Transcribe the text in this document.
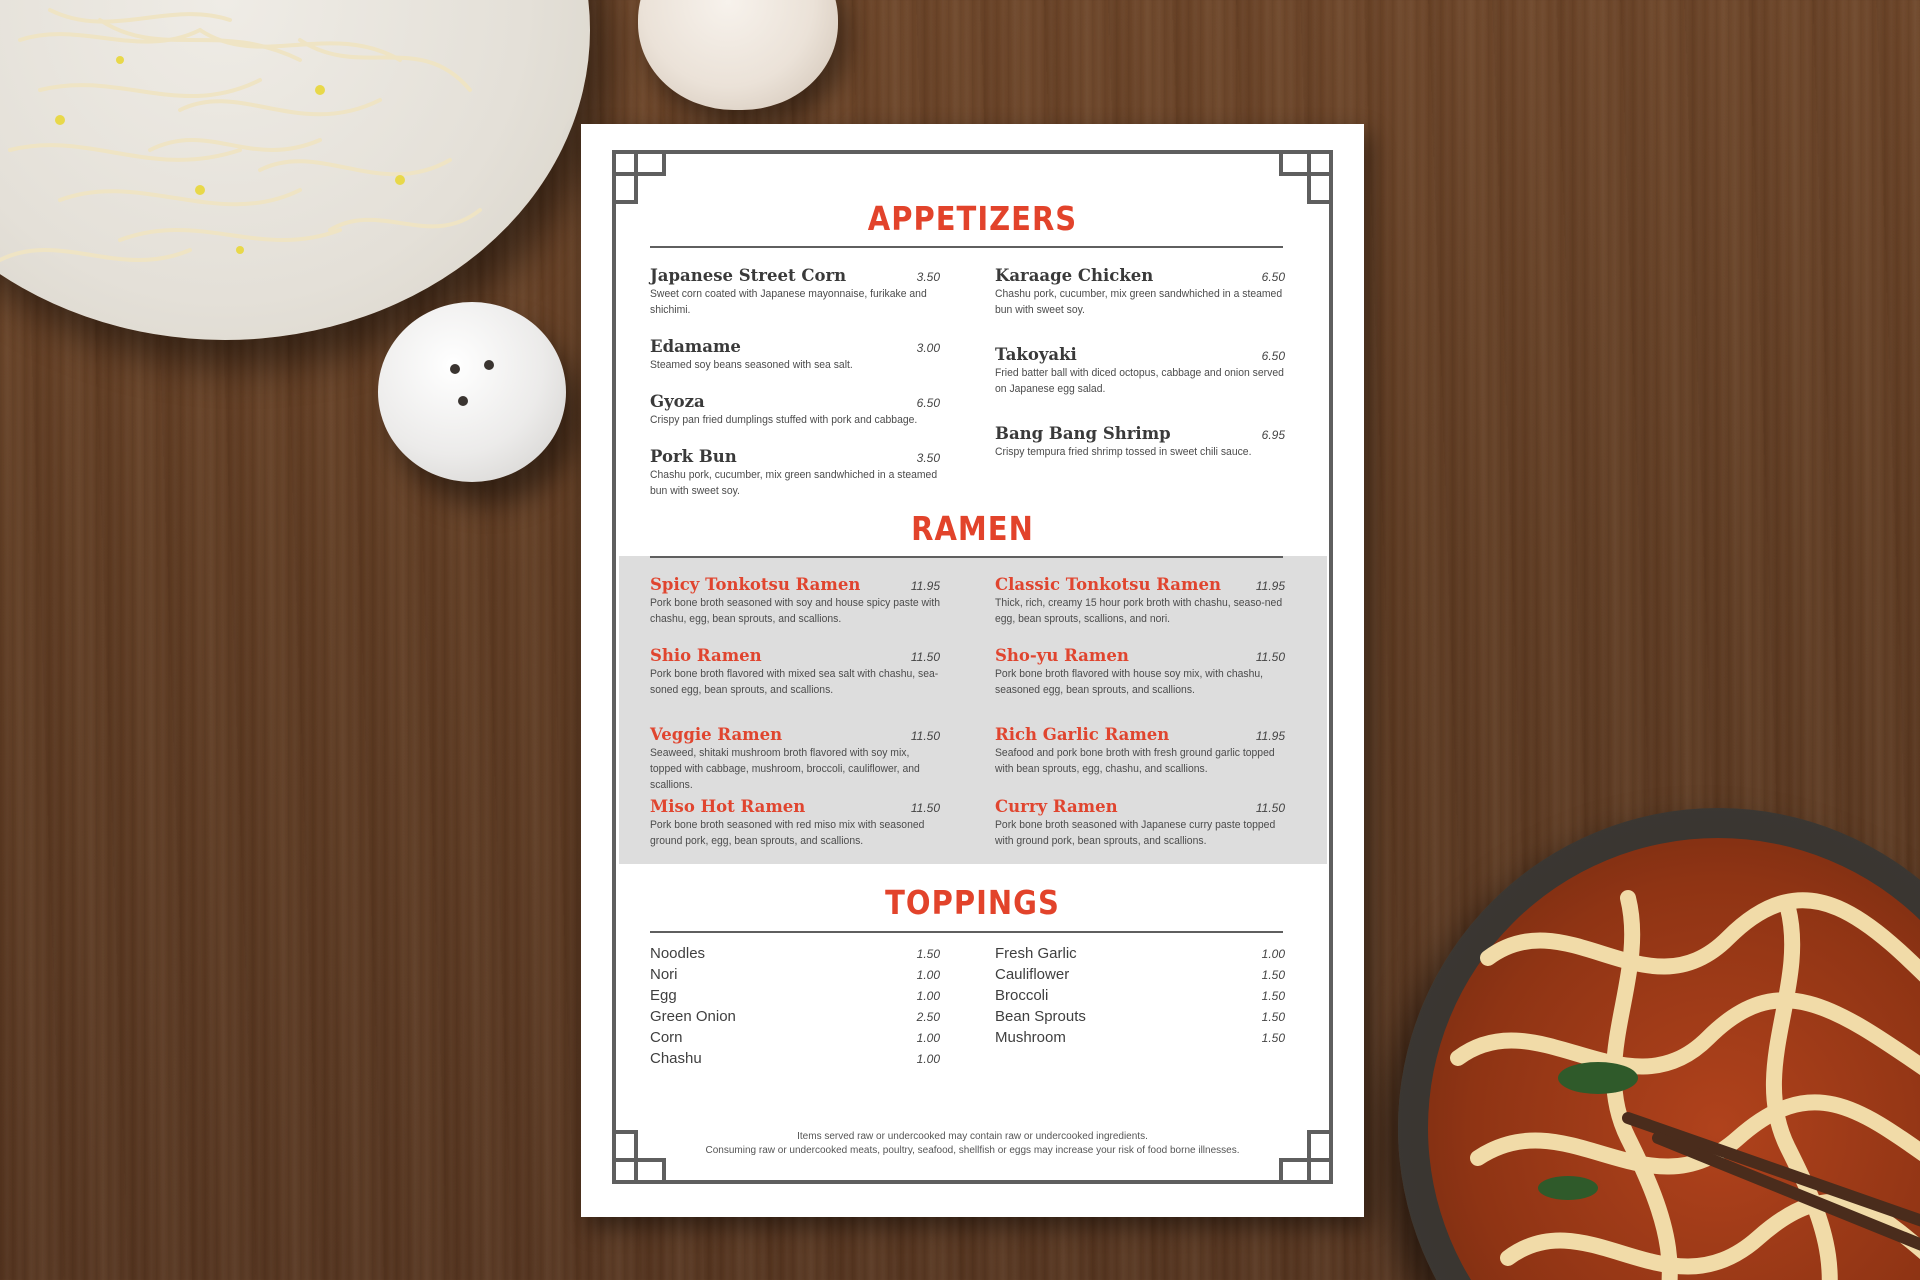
APPETIZERS
Japanese Street Corn	3.50
Sweet corn coated with Japanese mayonnaise, furikake and shichimi.
Edamame	3.00
Steamed soy beans seasoned with sea salt.
Gyoza	6.50
Crispy pan fried dumplings stuffed with pork and cabbage.
Pork Bun	3.50
Chashu pork, cucumber, mix green sandwhiched in a steamed bun with sweet soy.
Karaage Chicken	6.50
Chashu pork, cucumber, mix green sandwhiched in a steamed bun with sweet soy.
Takoyaki	6.50
Fried batter ball with diced octopus, cabbage and onion served on Japanese egg salad.
Bang Bang Shrimp	6.95
Crispy tempura fried shrimp tossed in sweet chili sauce.
RAMEN
Spicy Tonkotsu Ramen	11.95
Pork bone broth seasoned with soy and house spicy paste with chashu, egg, bean sprouts, and scallions.
Shio Ramen	11.50
Pork bone broth flavored with mixed sea salt with chashu, sea-soned egg, bean sprouts, and scallions.
Veggie Ramen	11.50
Seaweed, shitaki mushroom broth flavored with soy mix, topped with cabbage, mushroom, broccoli, cauliflower, and scallions.
Miso Hot Ramen	11.50
Pork bone broth seasoned with red miso mix with seasoned ground pork, egg, bean sprouts, and scallions.
Classic Tonkotsu Ramen	11.95
Thick, rich, creamy 15 hour pork broth with chashu, seaso-ned egg, bean sprouts, scallions, and nori.
Sho-yu Ramen	11.50
Pork bone broth flavored with house soy mix, with chashu, seasoned egg, bean sprouts, and scallions.
Rich Garlic Ramen	11.95
Seafood and pork bone broth with fresh ground garlic topped with bean sprouts, egg, chashu, and scallions.
Curry Ramen	11.50
Pork bone broth seasoned with Japanese curry paste topped with ground pork, bean sprouts, and scallions.
TOPPINGS
Noodles	1.50
Nori	1.00
Egg	1.00
Green Onion	2.50
Corn	1.00
Chashu	1.00
Fresh Garlic	1.00
Cauliflower	1.50
Broccoli	1.50
Bean Sprouts	1.50
Mushroom	1.50
Items served raw or undercooked may contain raw or undercooked ingredients.
Consuming raw or undercooked meats, poultry, seafood, shellfish or eggs may increase your risk of food borne illnesses.
